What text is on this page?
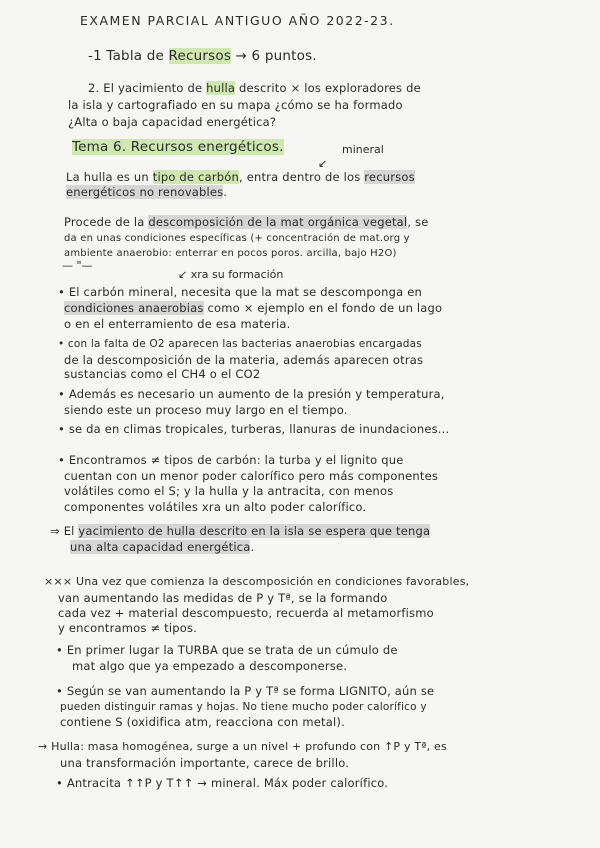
EXAMEN PARCIAL ANTIGUO AÑO 2022-23.
-1 Tabla de Recursos → 6 puntos.
2. El yacimiento de hulla descrito × los exploradores de
la isla y cartografiado en su mapa ¿cómo se ha formado
¿Alta o baja capacidad energética?
Tema 6. Recursos energéticos.	mineral
↙
La hulla es un tipo de carbón, entra dentro de los recursos
energéticos no renovables.
Procede de la descomposición de la mat orgánica vegetal, se
da en unas condiciones específicas (+ concentración de mat.org y
ambiente anaerobio: enterrar en pocos poros. arcilla, bajo H2O)
— "—
↙ xra su formación
• El carbón mineral, necesita que la mat se descomponga en
condiciones anaerobias como × ejemplo en el fondo de un lago
o en el enterramiento de esa materia.
• con la falta de O2 aparecen las bacterias anaerobias encargadas
de la descomposición de la materia, además aparecen otras
sustancias como el CH4 o el CO2
• Además es necesario un aumento de la presión y temperatura,
siendo este un proceso muy largo en el tiempo.
• se da en climas tropicales, turberas, llanuras de inundaciones...
• Encontramos ≠ tipos de carbón: la turba y el lignito que
cuentan con un menor poder calorífico pero más componentes
volátiles como el S; y la hulla y la antracita, con menos
componentes volátiles xra un alto poder calorífico.
⇒ El yacimiento de hulla descrito en la isla se espera que tenga
una alta capacidad energética.
××× Una vez que comienza la descomposición en condiciones favorables,
van aumentando las medidas de P y Tª, se la formando
cada vez + material descompuesto, recuerda al metamorfismo
y encontramos ≠ tipos.
• En primer lugar la TURBA que se trata de un cúmulo de
mat algo que ya empezado a descomponerse.
• Según se van aumentando la P y Tª se forma LIGNITO, aún se
pueden distinguir ramas y hojas. No tiene mucho poder calorífico y
contiene S (oxidifica atm, reacciona con metal).
→ Hulla: masa homogénea, surge a un nivel + profundo con ↑P y Tª, es
una transformación importante, carece de brillo.
• Antracita ↑↑P y T↑↑ → mineral. Máx poder calorífico.
